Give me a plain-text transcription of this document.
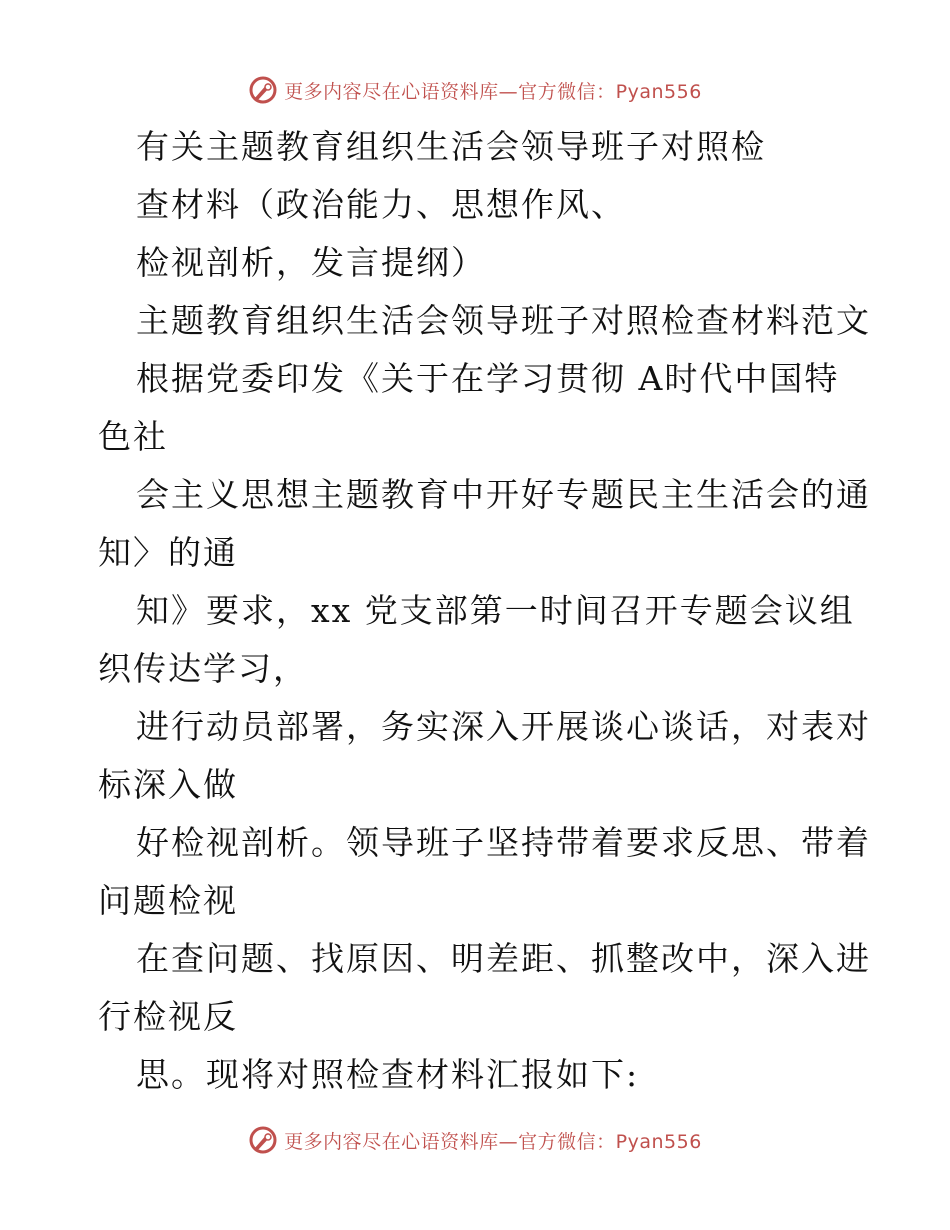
更多内容尽在心语资料库—官方微信：Pyan556
有关主题教育组织生活会领导班子对照检
查材料（政治能力、思想作风、
检视剖析，发言提纲）
主题教育组织生活会领导班子对照检查材料范文
根据党委印发《关于在学习贯彻 A时代中国特
色社
会主义思想主题教育中开好专题民主生活会的通
知〉的通
知》要求，xx 党支部第一时间召开专题会议组
织传达学习，
进行动员部署，务实深入开展谈心谈话，对表对
标深入做
好检视剖析。领导班子坚持带着要求反思、带着
问题检视
在查问题、找原因、明差距、抓整改中，深入进
行检视反
思。现将对照检查材料汇报如下:
更多内容尽在心语资料库—官方微信：Pyan556
